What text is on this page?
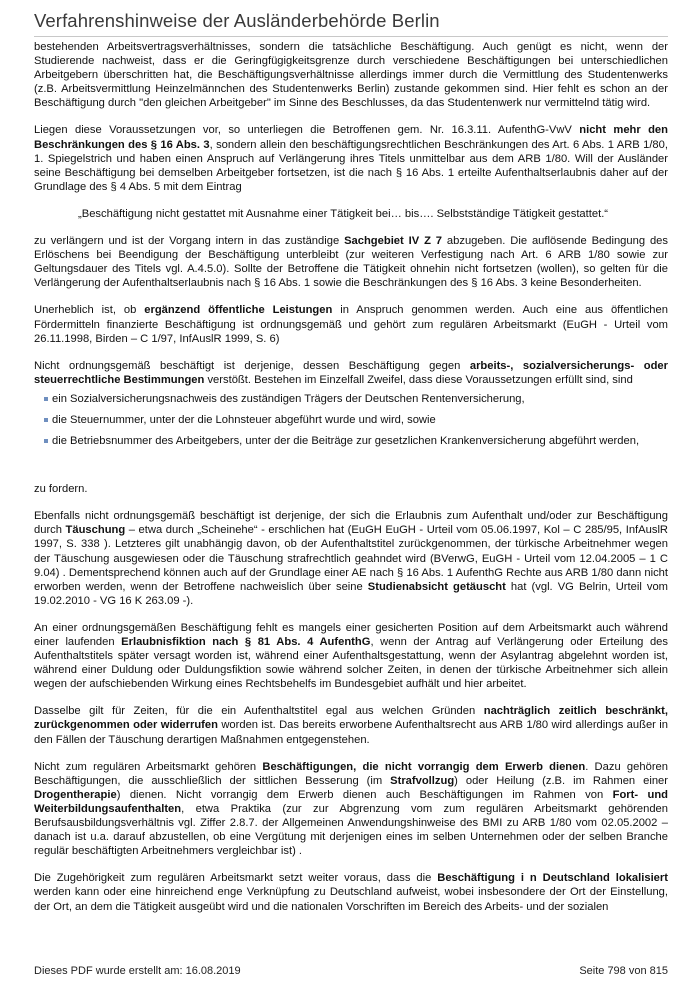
Verfahrenshinweise der Ausländerbehörde Berlin

bestehenden Arbeitsvertragsverhältnisses, sondern die tatsächliche Beschäftigung. Auch genügt es nicht, wenn der Studierende nachweist, dass er die Geringfügigkeitsgrenze durch verschiedene Beschäftigungen bei unterschiedlichen Arbeitgebern überschritten hat, die Beschäftigungsverhältnisse allerdings immer durch die Vermittlung des Studentenwerks (z.B. Arbeitsvermittlung Heinzelmännchen des Studentenwerks Berlin) zustande gekommen sind. Hier fehlt es schon an der Beschäftigung durch "den gleichen Arbeitgeber" im Sinne des Beschlusses, da das Studentenwerk nur vermittelnd tätig wird.

Liegen diese Voraussetzungen vor, so unterliegen die Betroffenen gem. Nr. 16.3.11. AufenthG-VwV nicht mehr den Beschränkungen des § 16 Abs. 3, sondern allein den beschäftigungsrechtlichen Beschränkungen des Art. 6 Abs. 1 ARB 1/80, 1. Spiegelstrich und haben einen Anspruch auf Verlängerung ihres Titels unmittelbar aus dem ARB 1/80. Will der Ausländer seine Beschäftigung bei demselben Arbeitgeber fortsetzen, ist die nach § 16 Abs. 1 erteilte Aufenthaltserlaubnis daher auf der Grundlage des § 4 Abs. 5 mit dem Eintrag

„Beschäftigung nicht gestattet mit Ausnahme einer Tätigkeit bei… bis…. Selbstständige Tätigkeit gestattet.“

zu verlängern und ist der Vorgang intern in das zuständige Sachgebiet IV Z 7 abzugeben. Die auflösende Bedingung des Erlöschens bei Beendigung der Beschäftigung unterbleibt (zur weiteren Verfestigung nach Art. 6 ARB 1/80 sowie zur Geltungsdauer des Titels vgl. A.4.5.0). Sollte der Betroffene die Tätigkeit ohnehin nicht fortsetzen (wollen), so gelten für die Verlängerung der Aufenthaltserlaubnis nach § 16 Abs. 1 sowie die Beschränkungen des § 16 Abs. 3 keine Besonderheiten.

Unerheblich ist, ob ergänzend öffentliche Leistungen in Anspruch genommen werden. Auch eine aus öffentlichen Fördermitteln finanzierte Beschäftigung ist ordnungsgemäß und gehört zum regulären Arbeitsmarkt (EuGH - Urteil vom 26.11.1998, Birden – C 1/97, InfAuslR 1999, S. 6)

Nicht ordnungsgemäß beschäftigt ist derjenige, dessen Beschäftigung gegen arbeits-, sozialversicherungs- oder steuerrechtliche Bestimmungen verstößt. Bestehen im Einzelfall Zweifel, dass diese Voraussetzungen erfüllt sind, sind

ein Sozialversicherungsnachweis des zuständigen Trägers der Deutschen Rentenversicherung,
die Steuernummer, unter der die Lohnsteuer abgeführt wurde und wird, sowie
die Betriebsnummer des Arbeitgebers, unter der die Beiträge zur gesetzlichen Krankenversicherung abgeführt werden,

zu fordern.

Ebenfalls nicht ordnungsgemäß beschäftigt ist derjenige, der sich die Erlaubnis zum Aufenthalt und/oder zur Beschäftigung durch Täuschung – etwa durch „Scheinehe“ - erschlichen hat (EuGH EuGH - Urteil vom 05.06.1997, Kol – C 285/95, InfAuslR 1997, S. 338 ). Letzteres gilt unabhängig davon, ob der Aufenthaltstitel zurückgenommen, der türkische Arbeitnehmer wegen der Täuschung ausgewiesen oder die Täuschung strafrechtlich geahndet wird (BVerwG, EuGH - Urteil vom 12.04.2005 – 1 C 9.04) . Dementsprechend können auch auf der Grundlage einer AE nach § 16 Abs. 1 AufenthG Rechte aus ARB 1/80 dann nicht erworben werden, wenn der Betroffene nachweislich über seine Studienabsicht getäuscht hat (vgl. VG Belrin, Urteil vom 19.02.2010 - VG 16 K 263.09 -).

An einer ordnungsgemäßen Beschäftigung fehlt es mangels einer gesicherten Position auf dem Arbeitsmarkt auch während einer laufenden Erlaubnisfiktion nach § 81 Abs. 4 AufenthG, wenn der Antrag auf Verlängerung oder Erteilung des Aufenthaltstitels später versagt worden ist, während einer Aufenthaltsgestattung, wenn der Asylantrag abgelehnt worden ist, während einer Duldung oder Duldungsfiktion sowie während solcher Zeiten, in denen der türkische Arbeitnehmer sich allein wegen der aufschiebenden Wirkung eines Rechtsbehelfs im Bundesgebiet aufhält und hier arbeitet.

Dasselbe gilt für Zeiten, für die ein Aufenthaltstitel egal aus welchen Gründen nachträglich zeitlich beschränkt, zurückgenommen oder widerrufen worden ist. Das bereits erworbene Aufenthaltsrecht aus ARB 1/80 wird allerdings außer in den Fällen der Täuschung derartigen Maßnahmen entgegenstehen.

Nicht zum regulären Arbeitsmarkt gehören Beschäftigungen, die nicht vorrangig dem Erwerb dienen. Dazu gehören Beschäftigungen, die ausschließlich der sittlichen Besserung (im Strafvollzug) oder Heilung (z.B. im Rahmen einer Drogentherapie) dienen. Nicht vorrangig dem Erwerb dienen auch Beschäftigungen im Rahmen von Fort- und Weiterbildungsaufenthalten, etwa Praktika (zur zur Abgrenzung vom zum regulären Arbeitsmarkt gehörenden Berufsausbildungsverhältnis vgl. Ziffer 2.8.7. der Allgemeinen Anwendungshinweise des BMI zu ARB 1/80 vom 02.05.2002 – danach ist u.a. darauf abzustellen, ob eine Vergütung mit derjenigen eines im selben Unternehmen oder der selben Branche regulär beschäftigten Arbeitnehmers vergleichbar ist) .

Die Zugehörigkeit zum regulären Arbeitsmarkt setzt weiter voraus, dass die Beschäftigung i n Deutschland lokalisiert werden kann oder eine hinreichend enge Verknüpfung zu Deutschland aufweist, wobei insbesondere der Ort der Einstellung, der Ort, an dem die Tätigkeit ausgeübt wird und die nationalen Vorschriften im Bereich des Arbeits- und der sozialen

Dieses PDF wurde erstellt am: 16.08.2019	Seite 798 von 815
